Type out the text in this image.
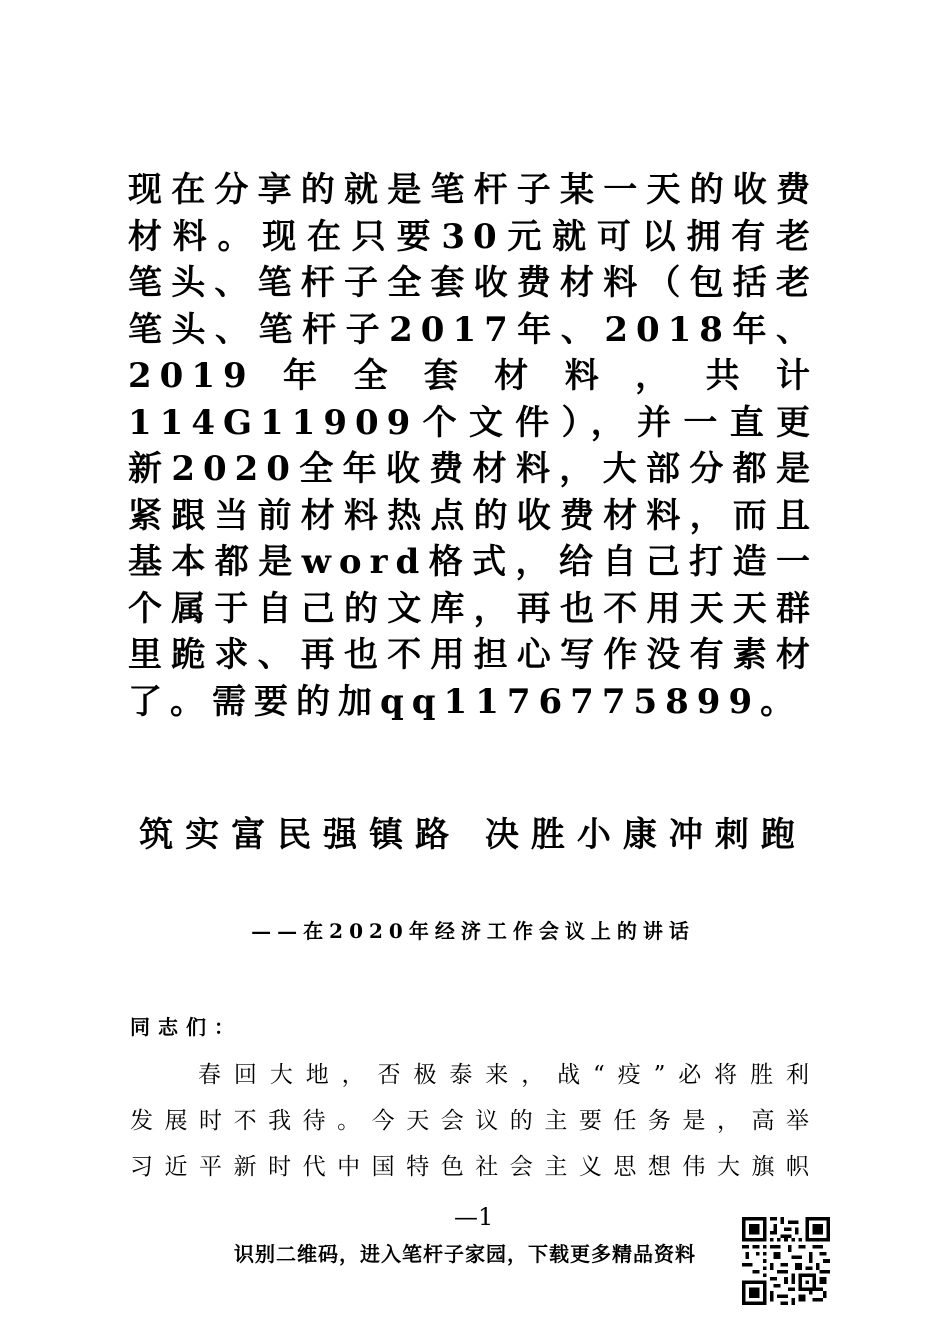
现在分享的就是笔杆子某一天的收费材料。现在只要30元就可以拥有老笔头、笔杆子全套收费材料（包括老笔头、笔杆子2017年、2018年、2019年全套材料，共计114G11909个文件），并一直更新2020全年收费材料，大部分都是紧跟当前材料热点的收费材料，而且基本都是word格式，给自己打造一个属于自己的文库，再也不用天天群里跪求、再也不用担心写作没有素材了。需要的加qq1176775899。
筑实富民强镇路 决胜小康冲刺跑
——在2020年经济工作会议上的讲话
同志们：
春回大地，否极泰来，战“疫”必将胜利发展时不我待。今天会议的主要任务是，高举习近平新时代中国特色社会主义思想伟大旗帜
—1
识别二维码，进入笔杆子家园，下载更多精品资料
